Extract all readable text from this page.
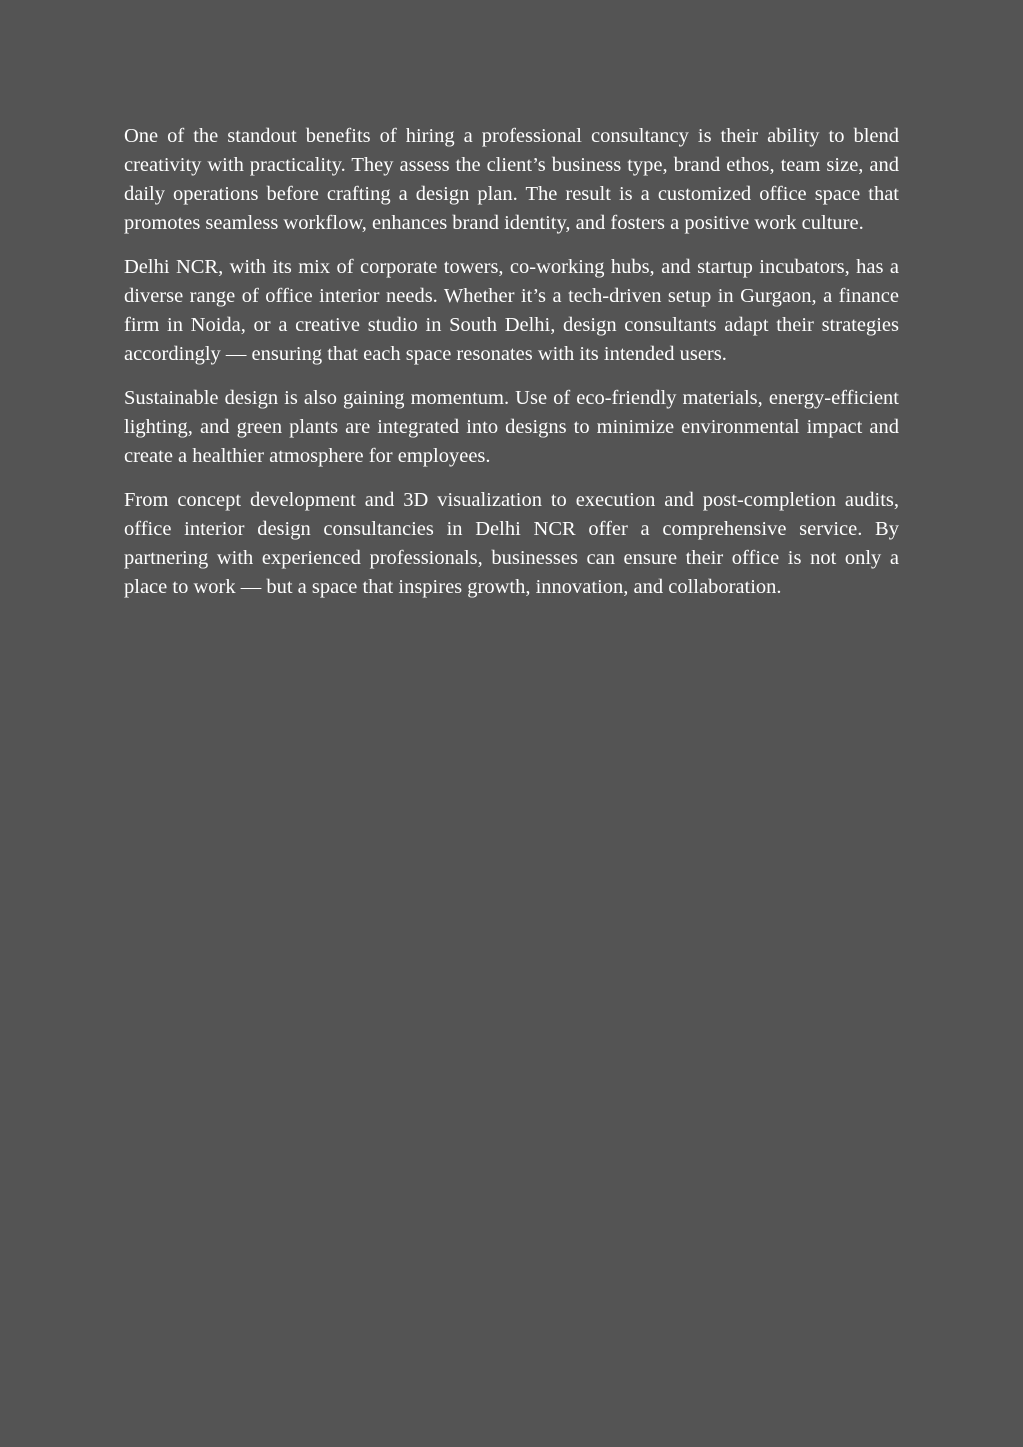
One of the standout benefits of hiring a professional consultancy is their ability to blend creativity with practicality. They assess the client’s business type, brand ethos, team size, and daily operations before crafting a design plan. The result is a customized office space that promotes seamless workflow, enhances brand identity, and fosters a positive work culture.

Delhi NCR, with its mix of corporate towers, co-working hubs, and startup incubators, has a diverse range of office interior needs. Whether it’s a tech-driven setup in Gurgaon, a finance firm in Noida, or a creative studio in South Delhi, design consultants adapt their strategies accordingly — ensuring that each space resonates with its intended users.

Sustainable design is also gaining momentum. Use of eco-friendly materials, energy-efficient lighting, and green plants are integrated into designs to minimize environmental impact and create a healthier atmosphere for employees.

From concept development and 3D visualization to execution and post-completion audits, office interior design consultancies in Delhi NCR offer a comprehensive service. By partnering with experienced professionals, businesses can ensure their office is not only a place to work — but a space that inspires growth, innovation, and collaboration.
